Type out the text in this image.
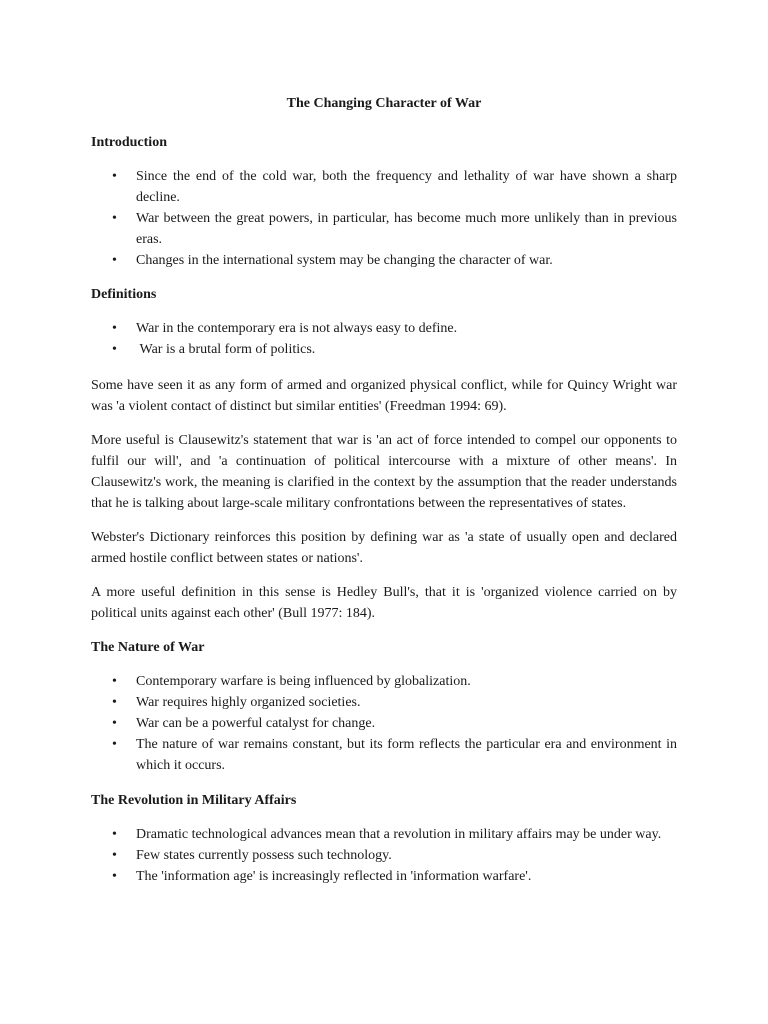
The Changing Character of War
Introduction
• Since the end of the cold war, both the frequency and lethality of war have shown a sharp decline.
• War between the great powers, in particular, has become much more unlikely than in previous eras.
• Changes in the international system may be changing the character of war.
Definitions
• War in the contemporary era is not always easy to define.
• War is a brutal form of politics.

Some have seen it as any form of armed and organized physical conflict, while for Quincy Wright war was 'a violent contact of distinct but similar entities' (Freedman 1994: 69).

More useful is Clausewitz's statement that war is 'an act of force intended to compel our opponents to fulfil our will', and 'a continuation of political intercourse with a mixture of other means'. In Clausewitz's work, the meaning is clarified in the context by the assumption that the reader understands that he is talking about large-scale military confrontations between the representatives of states.

Webster's Dictionary reinforces this position by defining war as 'a state of usually open and declared armed hostile conflict between states or nations'.

A more useful definition in this sense is Hedley Bull's, that it is 'organized violence carried on by political units against each other' (Bull 1977: 184).

The Nature of War
• Contemporary warfare is being influenced by globalization.
• War requires highly organized societies.
• War can be a powerful catalyst for change.
• The nature of war remains constant, but its form reflects the particular era and environment in which it occurs.
The Revolution in Military Affairs
• Dramatic technological advances mean that a revolution in military affairs may be under way.
• Few states currently possess such technology.
• The 'information age' is increasingly reflected in 'information warfare'.
